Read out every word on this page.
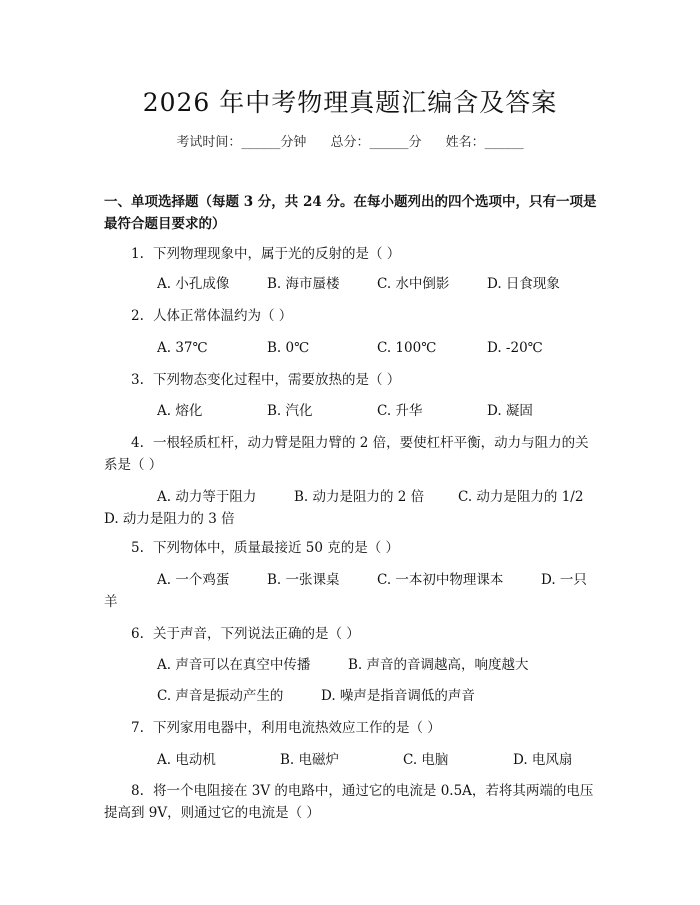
2026 年中考物理真题汇编含及答案
考试时间：______分钟 总分：______分 姓名：______
一、单项选择题（每题 3 分，共 24 分。在每小题列出的四个选项中，只有一项是
最符合题目要求的）
1. 下列物理现象中，属于光的反射的是（ ）
A. 小孔成像	B. 海市蜃楼	C. 水中倒影	D. 日食现象
2. 人体正常体温约为（ ）
A. 37℃	B. 0℃	C. 100℃	D. -20℃
3. 下列物态变化过程中，需要放热的是（ ）
A. 熔化	B. 汽化	C. 升华	D. 凝固
4. 一根轻质杠杆，动力臂是阻力臂的 2 倍，要使杠杆平衡，动力与阻力的关
系是（ ）
A. 动力等于阻力	B. 动力是阻力的 2 倍	C. 动力是阻力的 1/2
D. 动力是阻力的 3 倍
5. 下列物体中，质量最接近 50 克的是（ ）
A. 一个鸡蛋	B. 一张课桌	C. 一本初中物理课本	D. 一只
羊
6. 关于声音，下列说法正确的是（ ）
A. 声音可以在真空中传播	B. 声音的音调越高，响度越大
C. 声音是振动产生的	D. 噪声是指音调低的声音
7. 下列家用电器中，利用电流热效应工作的是（ ）
A. 电动机	B. 电磁炉	C. 电脑	D. 电风扇
8. 将一个电阻接在 3V 的电路中，通过它的电流是 0.5A，若将其两端的电压
提高到 9V，则通过它的电流是（ ）
